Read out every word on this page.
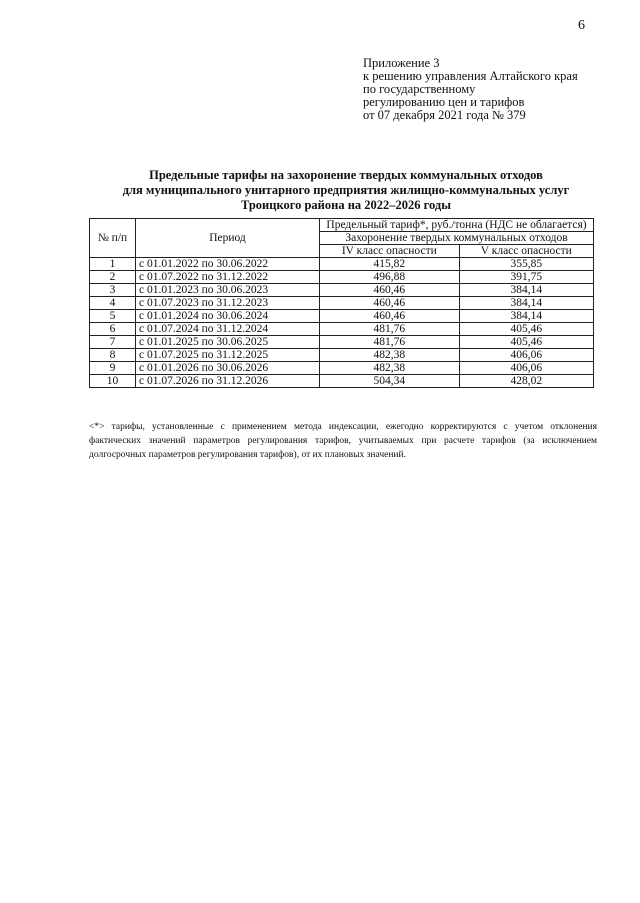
6
Приложение 3
к решению управления Алтайского края
по государственному
регулированию цен и тарифов
от 07 декабря 2021 года № 379
Предельные тарифы на захоронение твердых коммунальных отходов
для муниципального унитарного предприятия жилищно-коммунальных услуг
Троицкого района на 2022–2026 годы
№ п/п	Период	Предельный тариф*, руб./тонна (НДС не облагается)	
		Захоронение твердых коммунальных отходов	
		IV класс опасности	V класс опасности
1	с 01.01.2022 по 30.06.2022	415,82	355,85
2	с 01.07.2022 по 31.12.2022	496,88	391,75
3	с 01.01.2023 по 30.06.2023	460,46	384,14
4	с 01.07.2023 по 31.12.2023	460,46	384,14
5	с 01.01.2024 по 30.06.2024	460,46	384,14
6	с 01.07.2024 по 31.12.2024	481,76	405,46
7	с 01.01.2025 по 30.06.2025	481,76	405,46
8	с 01.07.2025 по 31.12.2025	482,38	406,06
9	с 01.01.2026 по 30.06.2026	482,38	406,06
10	с 01.07.2026 по 31.12.2026	504,34	428,02
<*> тарифы, установленные с применением метода индексации, ежегодно корректируются с учетом отклонения фактических значений параметров регулирования тарифов, учитываемых при расчете тарифов (за исключением долгосрочных параметров регулирования тарифов), от их плановых значений.
